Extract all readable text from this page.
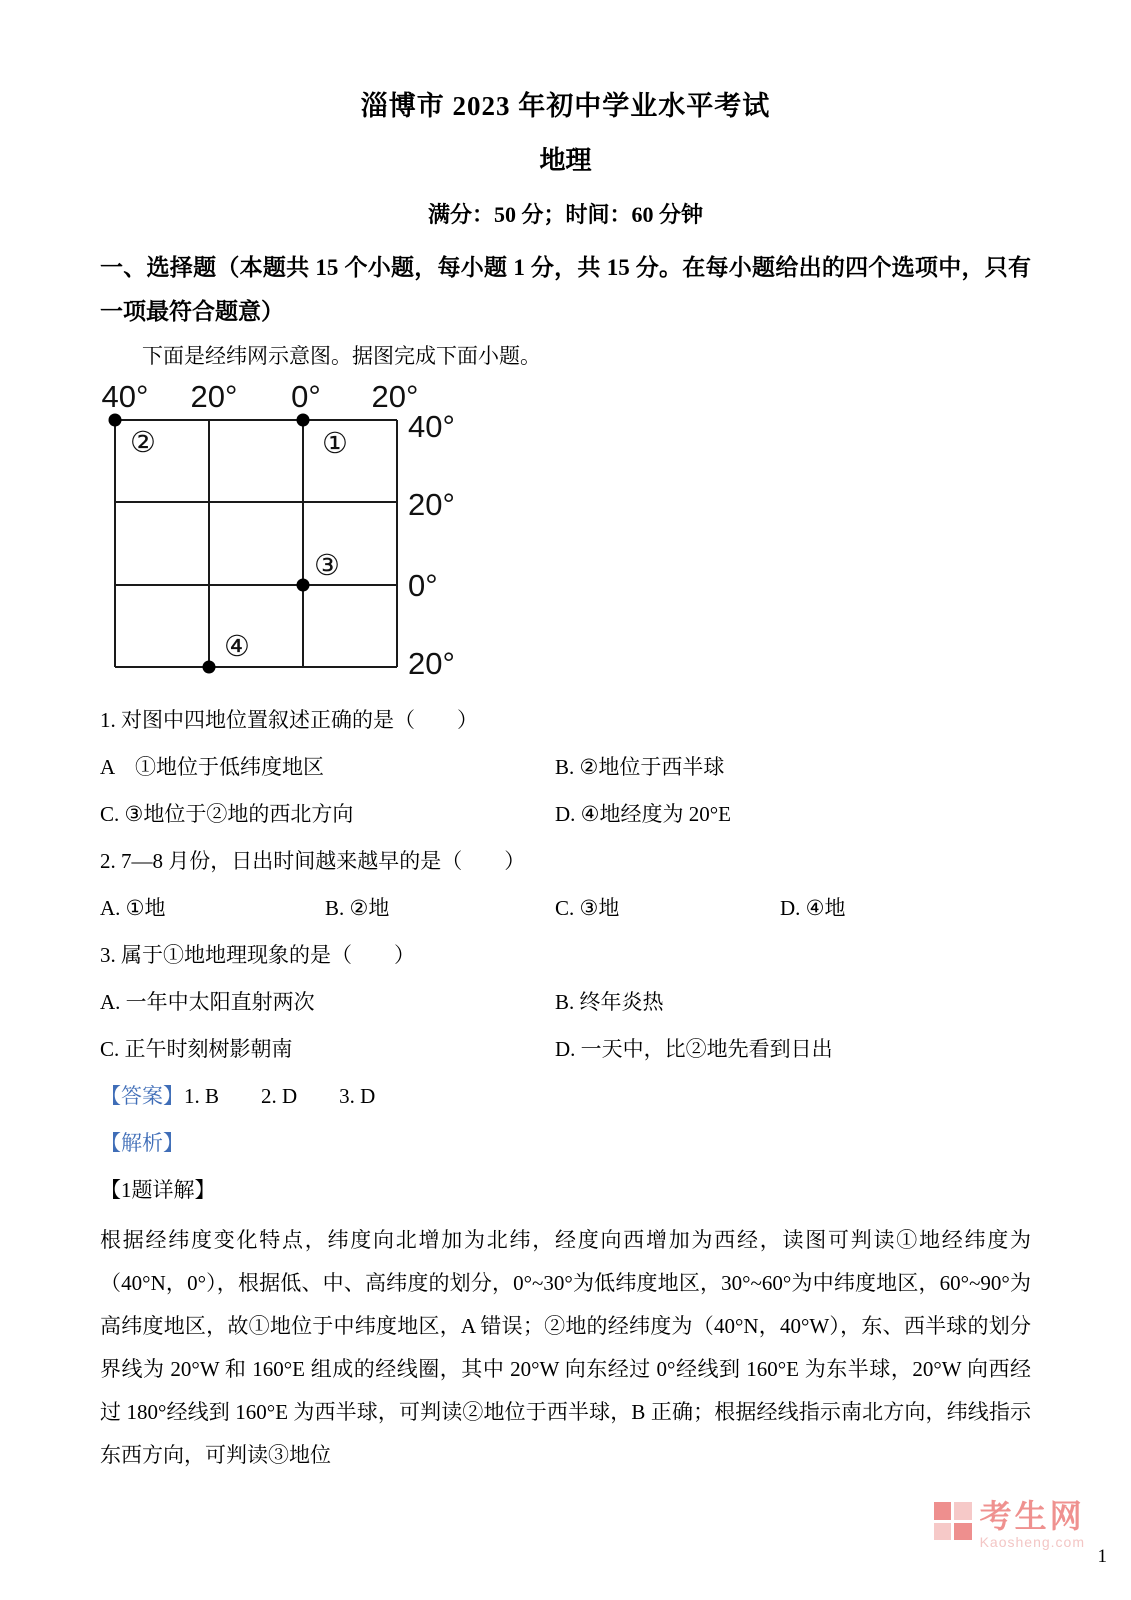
淄博市 2023 年初中学业水平考试
地理
满分：50 分；时间：60 分钟
一、选择题（本题共 15 个小题，每小题 1 分，共 15 分。在每小题给出的四个选项中，只有一项最符合题意）
下面是经纬网示意图。据图完成下面小题。
40° 20° 0° 20°
40°
20°
0°
20°
②	①
③
④
1. 对图中四地位置叙述正确的是（　　）
A　①地位于低纬度地区	B. ②地位于西半球
C. ③地位于②地的西北方向	D. ④地经度为 20°E
2. 7—8 月份，日出时间越来越早的是（　　）
A. ①地	B. ②地	C. ③地	D. ④地
3. 属于①地地理现象的是（　　）
A. 一年中太阳直射两次	B. 终年炎热
C. 正午时刻树影朝南	D. 一天中，比②地先看到日出
【答案】1. B　　2. D　　3. D
【解析】
【1题详解】
根据经纬度变化特点，纬度向北增加为北纬，经度向西增加为西经，读图可判读①地经纬度为（40°N，0°），根据低、中、高纬度的划分，0°~30°为低纬度地区，30°~60°为中纬度地区，60°~90°为高纬度地区，故①地位于中纬度地区，A 错误；②地的经纬度为（40°N，40°W），东、西半球的划分界线为 20°W 和 160°E 组成的经线圈，其中 20°W 向东经过 0°经线到 160°E 为东半球，20°W 向西经过 180°经线到 160°E 为西半球，可判读②地位于西半球，B 正确；根据经线指示南北方向，纬线指示东西方向，可判读③地位
考生网
Kaosheng.com
1
